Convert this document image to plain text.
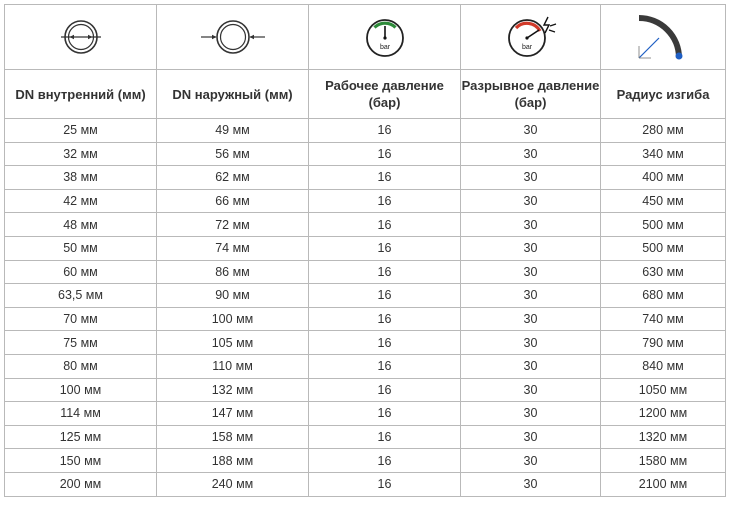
bar	bar

DN внутренний (мм)	DN наружный (мм)	Рабочее давление (бар)	Разрывное давление (бар)	Радиус изгиба
25 мм	49 мм	16	30	280 мм
32 мм	56 мм	16	30	340 мм
38 мм	62 мм	16	30	400 мм
42 мм	66 мм	16	30	450 мм
48 мм	72 мм	16	30	500 мм
50 мм	74 мм	16	30	500 мм
60 мм	86 мм	16	30	630 мм
63,5 мм	90 мм	16	30	680 мм
70 мм	100 мм	16	30	740 мм
75 мм	105 мм	16	30	790 мм
80 мм	110 мм	16	30	840 мм
100 мм	132 мм	16	30	1050 мм
114 мм	147 мм	16	30	1200 мм
125 мм	158 мм	16	30	1320 мм
150 мм	188 мм	16	30	1580 мм
200 мм	240 мм	16	30	2100 мм
